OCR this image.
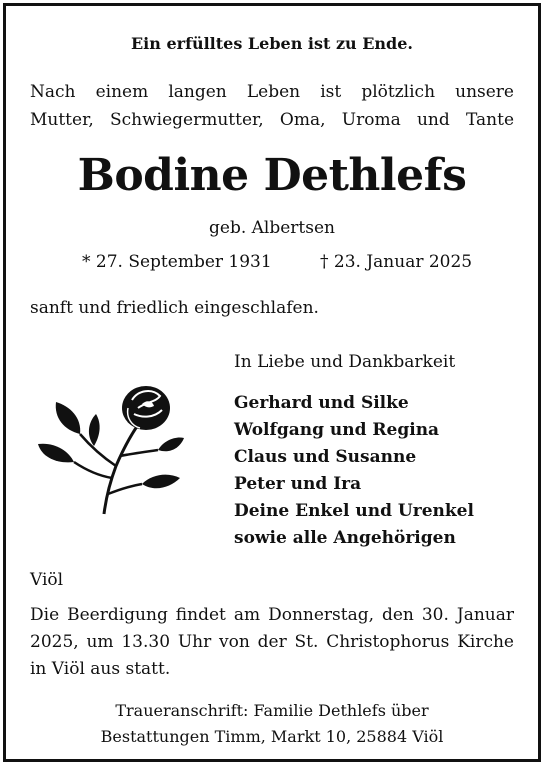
Ein erfülltes Leben ist zu Ende.
Nach einem langen Leben ist plötzlich unsere
Mutter, Schwiegermutter, Oma, Uroma und Tante
Bodine Dethlefs
geb. Albertsen
* 27. September 1931	† 23. Januar 2025
sanft und friedlich eingeschlafen.
In Liebe und Dankbarkeit
Gerhard und Silke
Wolfgang und Regina
Claus und Susanne
Peter und Ira
Deine Enkel und Urenkel
sowie alle Angehörigen
Viöl
Die Beerdigung findet am Donnerstag, den 30. Januar 2025, um 13.30 Uhr von der St. Christophorus Kirche in Viöl aus statt.
Traueranschrift: Familie Dethlefs über
Bestattungen Timm, Markt 10, 25884 Viöl
